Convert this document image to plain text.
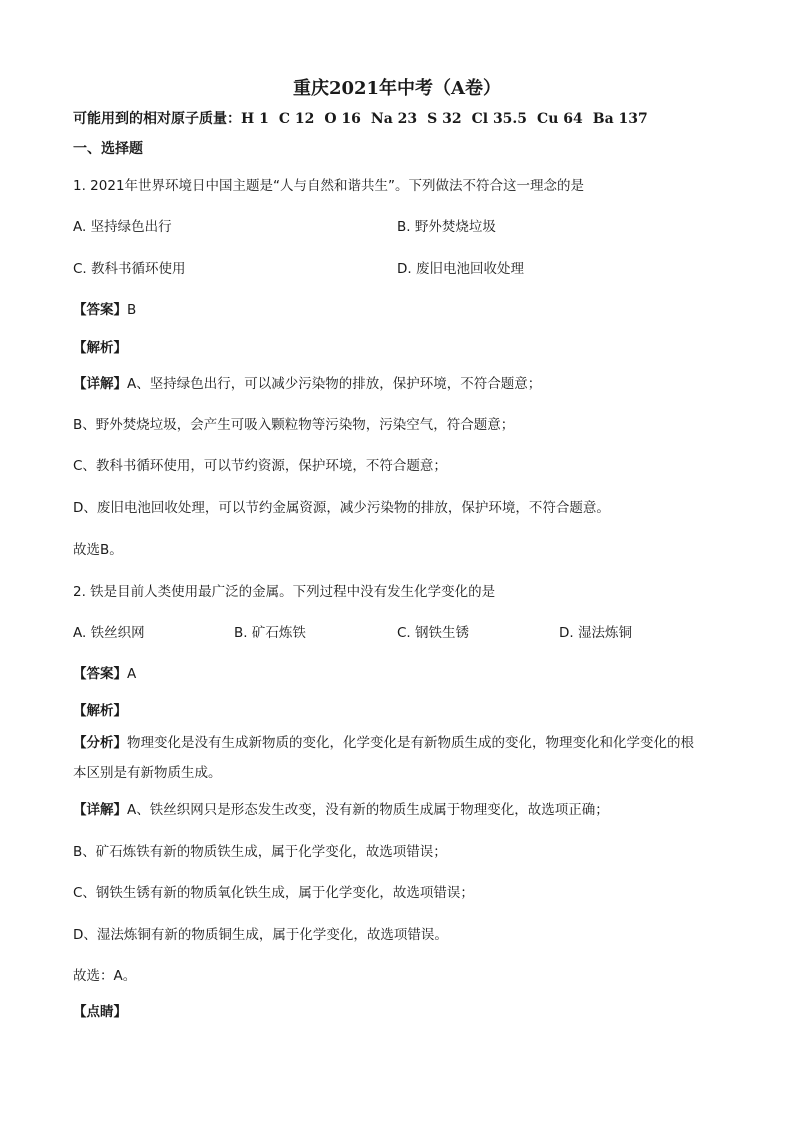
重庆2021年中考（A卷）
可能用到的相对原子质量：H 1 C 12 O 16 Na 23 S 32 Cl 35.5 Cu 64 Ba 137
一、选择题
1. 2021年世界环境日中国主题是“人与自然和谐共生”。下列做法不符合这一理念的是
A. 坚持绿色出行	B. 野外焚烧垃圾
C. 教科书循环使用	D. 废旧电池回收处理
【答案】B
【解析】
【详解】A、坚持绿色出行，可以减少污染物的排放，保护环境，不符合题意；
B、野外焚烧垃圾，会产生可吸入颗粒物等污染物，污染空气，符合题意；
C、教科书循环使用，可以节约资源，保护环境，不符合题意；
D、废旧电池回收处理，可以节约金属资源，减少污染物的排放，保护环境，不符合题意。
故选B。
2. 铁是目前人类使用最广泛的金属。下列过程中没有发生化学变化的是
A. 铁丝织网	B. 矿石炼铁	C. 钢铁生锈	D. 湿法炼铜
【答案】A
【解析】
【分析】物理变化是没有生成新物质的变化，化学变化是有新物质生成的变化，物理变化和化学变化的根
本区别是有新物质生成。
【详解】A、铁丝织网只是形态发生改变，没有新的物质生成属于物理变化，故选项正确；
B、矿石炼铁有新的物质铁生成，属于化学变化，故选项错误；
C、钢铁生锈有新的物质氧化铁生成，属于化学变化，故选项错误；
D、湿法炼铜有新的物质铜生成，属于化学变化，故选项错误。
故选：A。
【点睛】
